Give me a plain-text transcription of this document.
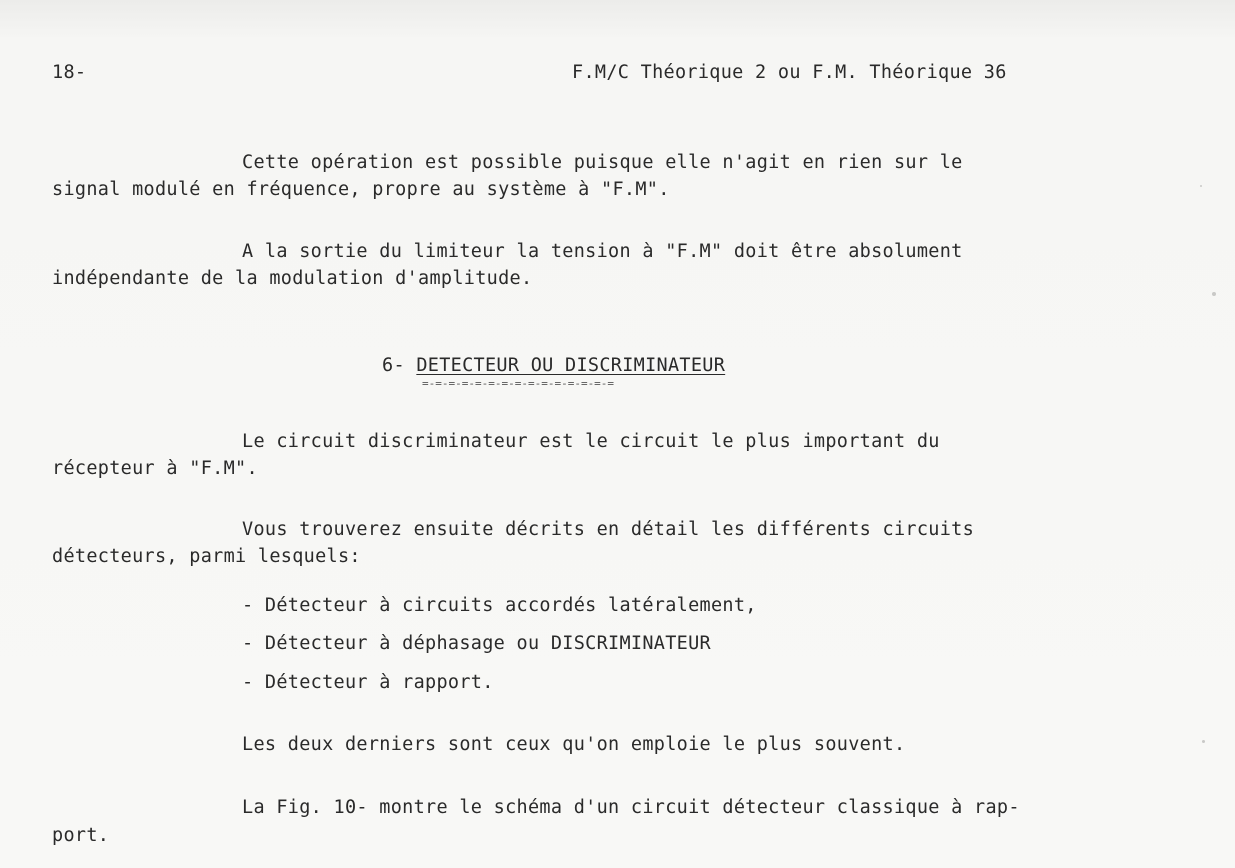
18-	F.M/C Théorique 2 ou F.M. Théorique 36
Cette opération est possible puisque elle n'agit en rien sur le
signal modulé en fréquence, propre au système à "F.M".
A la sortie du limiteur la tension à "F.M" doit être absolument
indépendante de la modulation d'amplitude.
6- DETECTEUR OU DISCRIMINATEUR
=-=-=-=-=-=-=-=-=-=-=-=-=-=-=
Le circuit discriminateur est le circuit le plus important du
récepteur à "F.M".
Vous trouverez ensuite décrits en détail les différents circuits
détecteurs, parmi lesquels:
- Détecteur à circuits accordés latéralement,
- Détecteur à déphasage ou DISCRIMINATEUR
- Détecteur à rapport.
Les deux derniers sont ceux qu'on emploie le plus souvent.
La Fig. 10- montre le schéma d'un circuit détecteur classique à rap-
port.
